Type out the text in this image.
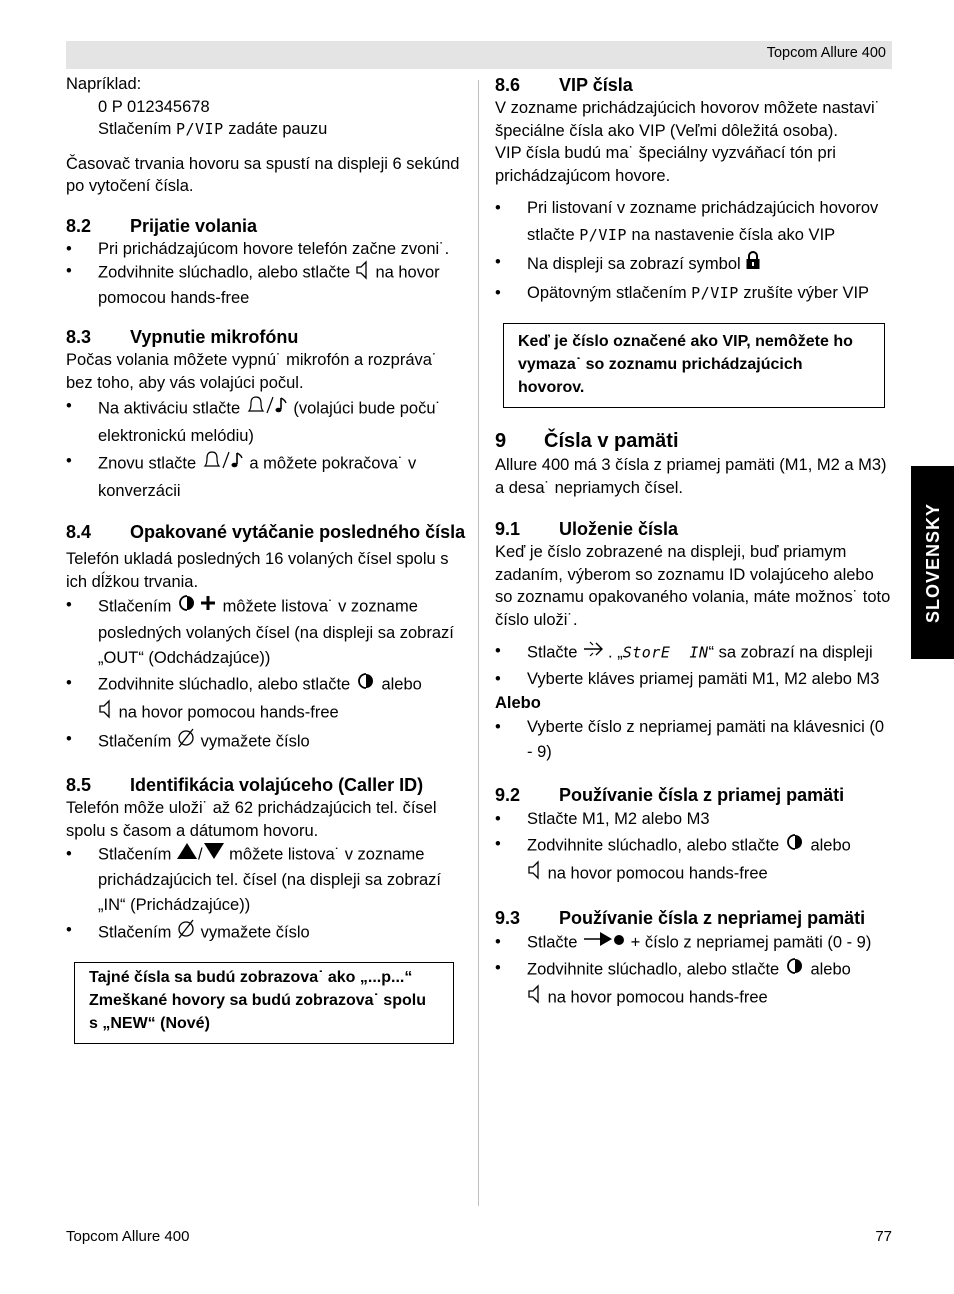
Topcom Allure 400

Napríklad:

0 P 012345678

Stlačením P/VIP zadáte pauzu

Časovač trvania hovoru sa spustí na displeji 6 sekúnd po vytočení čísla.

8.2	Prijatie volania
• Pri prichádzajúcom hovore telefón začne zvoni˙.
• Zodvihnite slúchadlo, alebo stlačte na hovor pomocou hands-free
8.3	Vypnutie mikrofónu

Počas volania môžete vypnú˙ mikrofón a rozpráva˙ bez toho, aby vás volajúci počul.

• Na aktiváciu stlačte	(volajúci bude poču˙ elektronickú melódiu)
• Znovu stlačte	a môžete pokračova˙ v konverzácii
8.4	Opakované vytáčanie posledného čísla

Telefón ukladá posledných 16 volaných čísel spolu s ich dĺžkou trvania.

• Stlačením	môžete listova˙ v zozname posledných volaných čísel (na displeji sa zobrazí „OUT“ (Odchádzajúce))
• Zodvihnite slúchadlo, alebo stlačte alebo
na hovor pomocou hands-free
• Stlačením vymažete číslo
8.5	Identifikácia volajúceho (Caller ID)

Telefón môže uloži˙ až 62 prichádzajúcich tel. čísel spolu s časom a dátumom hovoru.

• Stlačením / môžete listova˙ v zozname prichádzajúcich tel. čísel (na displeji sa zobrazí „IN“ (Prichádzajúce))
• Stlačením vymažete číslo

Tajné čísla sa budú zobrazova˙ ako „...p...“

Zmeškané hovory sa budú zobrazova˙ spolu s „NEW“ (Nové)

8.6	VIP čísla

V zozname prichádzajúcich hovorov môžete nastavi˙ špeciálne čísla ako VIP (Veľmi dôležitá osoba).

VIP čísla budú ma˙ špeciálny vyzváňací tón pri prichádzajúcom hovore.

• Pri listovaní v zozname prichádzajúcich hovorov stlačte P/VIP na nastavenie čísla ako VIP
• Na displeji sa zobrazí symbol
• Opätovným stlačením P/VIP zrušíte výber VIP

Keď je číslo označené ako VIP, nemôžete ho vymaza˙ so zoznamu prichádzajúcich hovorov.

9	Čísla v pamäti

Allure 400 má 3 čísla z priamej pamäti (M1, M2 a M3) a desa˙ nepriamych čísel.

9.1	Uloženie čísla

Keď je číslo zobrazené na displeji, buď priamym zadaním, výberom so zoznamu ID volajúceho alebo so zoznamu opakovaného volania, máte možnos˙ toto číslo uloži˙.

• Stlačte . „StorE  IN“ sa zobrazí na displeji
• Vyberte kláves priamej pamäti M1, M2 alebo M3

Alebo

• Vyberte číslo z nepriamej pamäti na klávesnici (0 - 9)
9.2	Používanie čísla z priamej pamäti
• Stlačte M1, M2 alebo M3
• Zodvihnite slúchadlo, alebo stlačte alebo
na hovor pomocou hands-free
9.3	Používanie čísla z nepriamej pamäti
• Stlačte	+ číslo z nepriamej pamäti (0 - 9)
• Zodvihnite slúchadlo, alebo stlačte alebo
na hovor pomocou hands-free
SLOVENSKY
Topcom Allure 400	77
